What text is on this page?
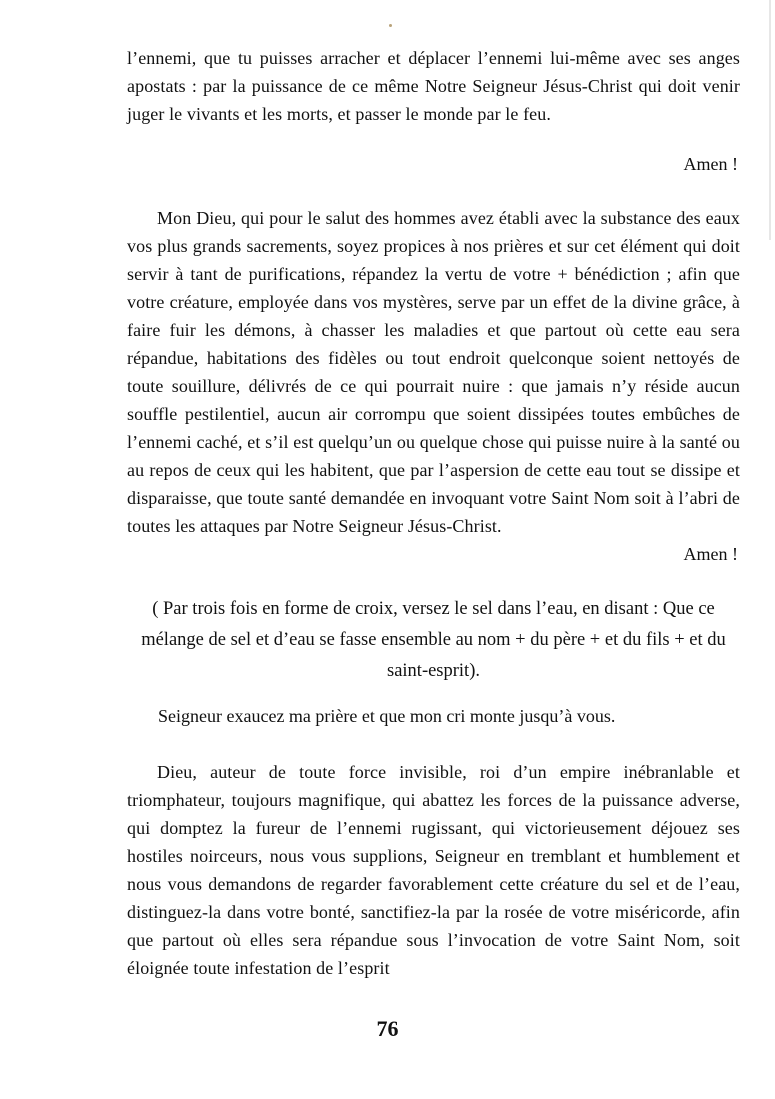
l’ennemi, que tu puisses arracher et déplacer l’ennemi lui-même avec ses anges apostats : par la puissance de ce même Notre Seigneur Jésus-Christ qui doit venir juger le vivants et les morts, et passer le monde par le feu.

Amen !

Mon Dieu, qui pour le salut des hommes avez établi avec la substance des eaux vos plus grands sacrements, soyez propices à nos prières et sur cet élément qui doit servir à tant de purifications, répandez la vertu de votre + bénédiction ; afin que votre créature, employée dans vos mystères, serve par un effet de la divine grâce, à faire fuir les démons, à chasser les maladies et que partout où cette eau sera répandue, habitations des fidèles ou tout endroit quelconque soient nettoyés de toute souillure, délivrés de ce qui pourrait nuire : que jamais n’y réside aucun souffle pestilentiel, aucun air corrompu que soient dissipées toutes embûches de l’ennemi caché, et s’il est quelqu’un ou quelque chose qui puisse nuire à la santé ou au repos de ceux qui les habitent, que par l’aspersion de cette eau tout se dissipe et disparaisse, que toute santé demandée en invoquant votre Saint Nom soit à l’abri de toutes les attaques par Notre Seigneur Jésus-Christ.

Amen !

( Par trois fois en forme de croix, versez le sel dans l’eau, en disant : Que ce mélange de sel et d’eau se fasse ensemble au nom + du père + et du fils + et du saint-esprit).

Seigneur exaucez ma prière et que mon cri monte jusqu’à vous.

Dieu, auteur de toute force invisible, roi d’un empire inébranlable et triomphateur, toujours magnifique, qui abattez les forces de la puissance adverse, qui domptez la fureur de l’ennemi rugissant, qui victorieusement déjouez ses hostiles noirceurs, nous vous supplions, Seigneur en tremblant et humblement et nous vous demandons de regarder favorablement cette créature du sel et de l’eau, distinguez-la dans votre bonté, sanctifiez-la par la rosée de votre miséricorde, afin que partout où elles sera répandue sous l’invocation de votre Saint Nom, soit éloignée toute infestation de l’esprit

76
